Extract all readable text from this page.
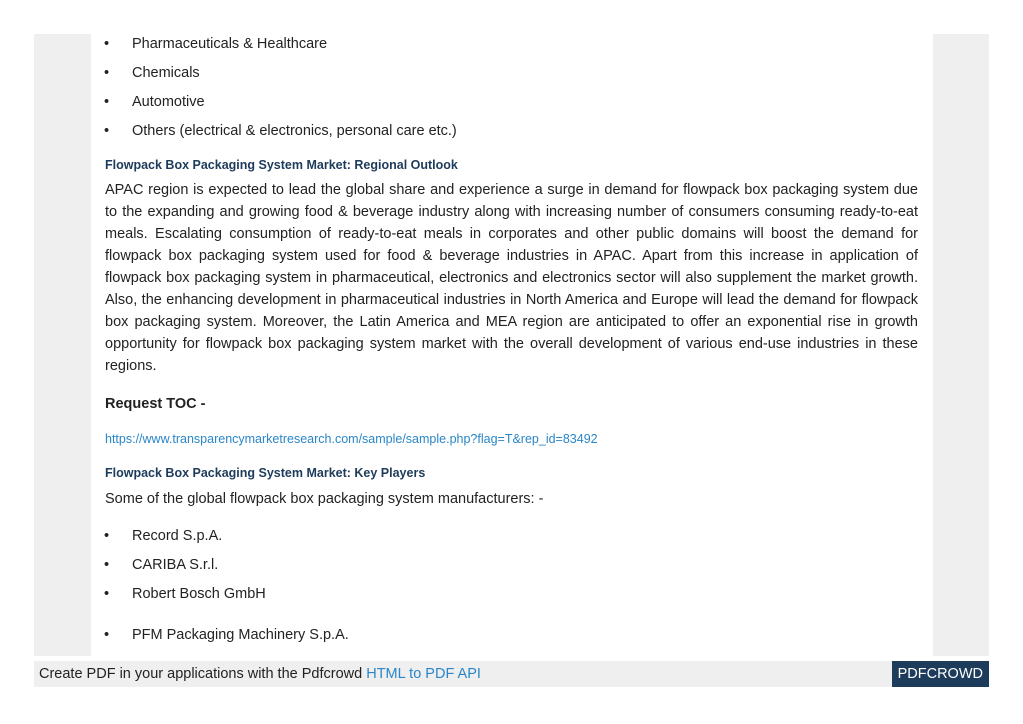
• Pharmaceuticals & Healthcare
• Chemicals
• Automotive
• Others (electrical & electronics, personal care etc.)
Flowpack Box Packaging System Market: Regional Outlook

APAC region is expected to lead the global share and experience a surge in demand for flowpack box packaging system due to the expanding and growing food & beverage industry along with increasing number of consumers consuming ready-to-eat meals. Escalating consumption of ready-to-eat meals in corporates and other public domains will boost the demand for flowpack box packaging system used for food & beverage industries in APAC. Apart from this increase in application of flowpack box packaging system in pharmaceutical, electronics and electronics sector will also supplement the market growth. Also, the enhancing development in pharmaceutical industries in North America and Europe will lead the demand for flowpack box packaging system. Moreover, the Latin America and MEA region are anticipated to offer an exponential rise in growth opportunity for flowpack box packaging system market with the overall development of various end-use industries in these regions.

Request TOC -
https://www.transparencymarketresearch.com/sample/sample.php?flag=T&rep_id=83492
Flowpack Box Packaging System Market: Key Players
Some of the global flowpack box packaging system manufacturers: -
• Record S.p.A.
• CARIBA S.r.l.
• Robert Bosch GmbH
• PFM Packaging Machinery S.p.A.
Create PDF in your applications with the Pdfcrowd HTML to PDF API	PDFCROWD
